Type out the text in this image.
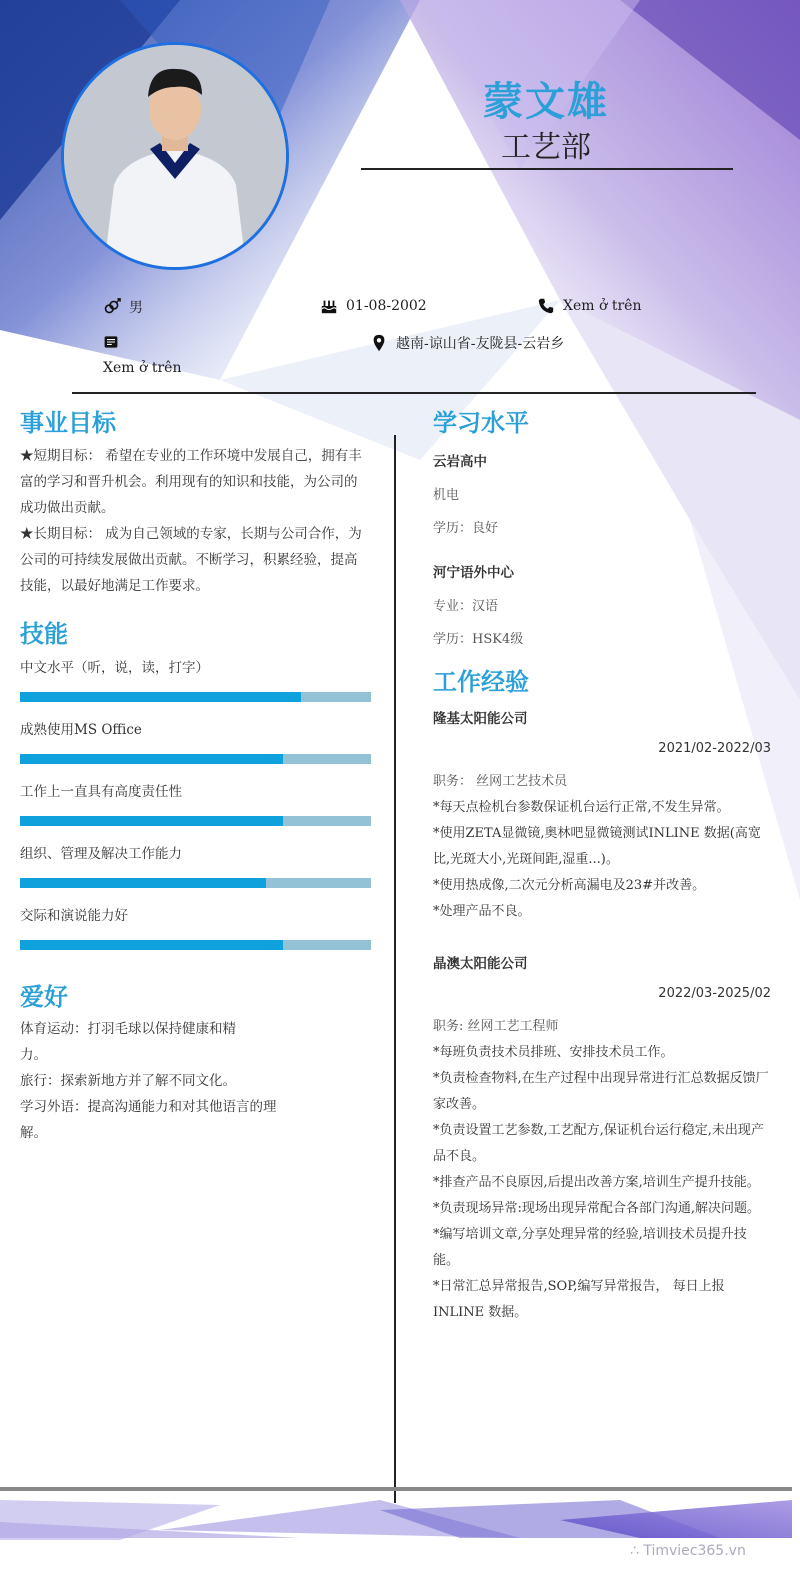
蒙文雄
工艺部
男	01-08-2002	Xem ở trên
Xem ở trên
越南-谅山省-友陇县-云岩乡
事业目标
★短期目标： 希望在专业的工作环境中发展自己，拥有丰富的学习和晋升机会。利用现有的知识和技能，为公司的成功做出贡献。
★长期目标： 成为自己领域的专家，长期与公司合作，为公司的可持续发展做出贡献。不断学习，积累经验，提高技能，以最好地满足工作要求。
技能
中文水平（听，说，读，打字）
成熟使用MS Office
工作上一直具有高度责任性
组织、管理及解决工作能力
交际和演说能力好
爱好
体育运动：打羽毛球以保持健康和精
力。
旅行：探索新地方并了解不同文化。
学习外语：提高沟通能力和对其他语言的理
解。
学习水平
云岩高中
机电
学历：良好
河宁语外中心
专业：汉语
学历：HSK4级
工作经验
隆基太阳能公司
2021/02-2022/03
职务： 丝网工艺技术员
*每天点检机台参数保证机台运行正常,不发生异常。
*使用ZETA显微镜,奥林吧显微镜测试INLINE 数据(高宽比,光斑大小,光斑间距,湿重...)。
*使用热成像,二次元分析高漏电及23#并改善。
*处理产品不良。
晶澳太阳能公司
2022/03-2025/02
职务: 丝网工艺工程师
*每班负责技术员排班、安排技术员工作。
*负责检查物料,在生产过程中出现异常进行汇总数据反馈厂家改善。
*负责设置工艺参数,工艺配方,保证机台运行稳定,未出现产品不良。
*排查产品不良原因,后提出改善方案,培训生产提升技能。
*负责现场异常:现场出现异常配合各部门沟通,解决问题。
*编写培训文章,分享处理异常的经验,培训技术员提升技能。
*日常汇总异常报告,SOP,编写异常报告， 每日上报INLINE 数据。
∴ Timviec365.vn
